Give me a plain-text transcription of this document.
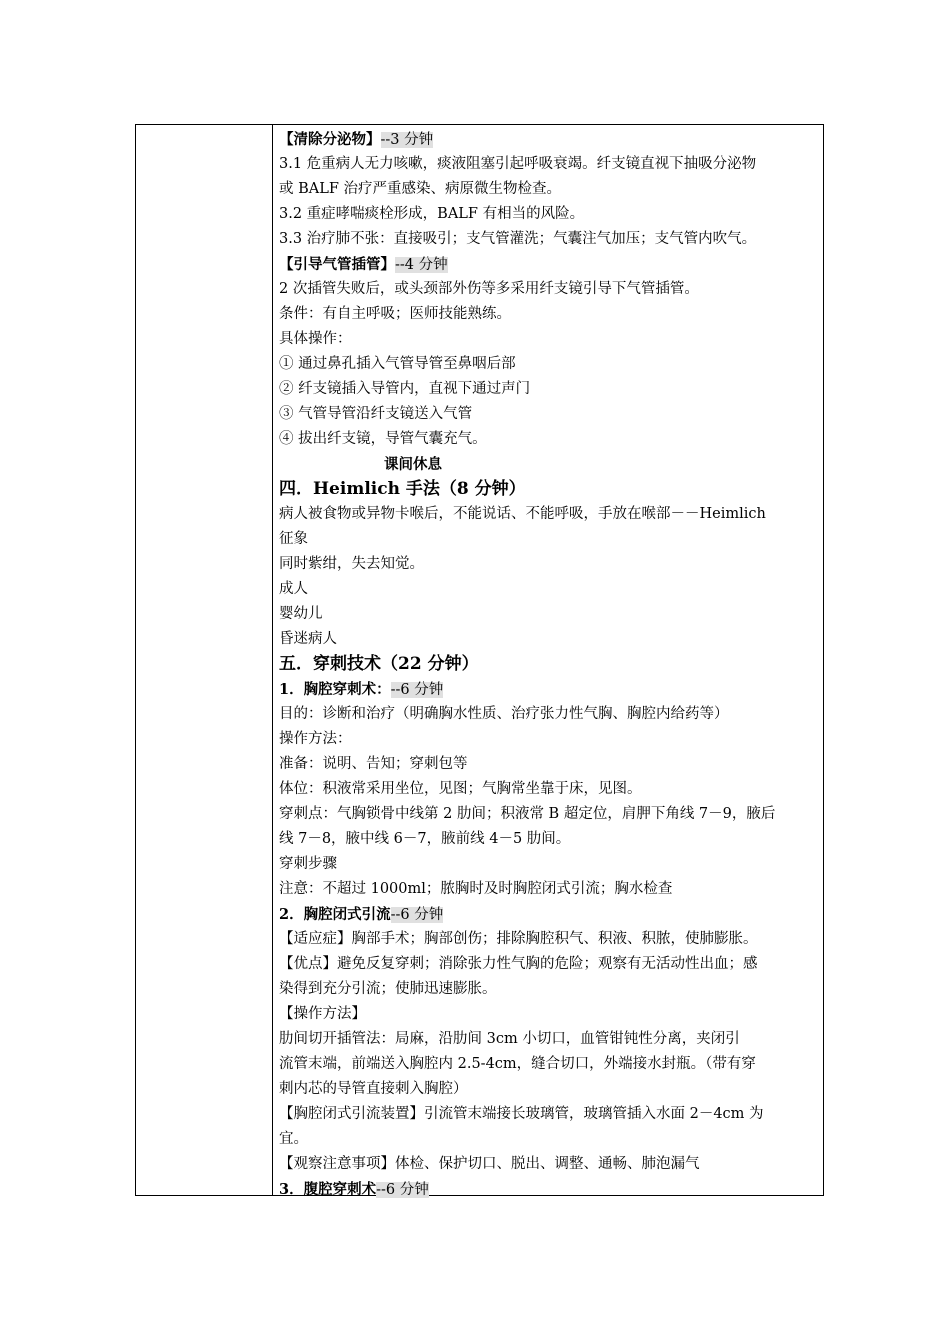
【清除分泌物】--3 分钟
3.1 危重病人无力咳嗽，痰液阻塞引起呼吸衰竭。纤支镜直视下抽吸分泌物
或 BALF 治疗严重感染、病原微生物检查。
3.2 重症哮喘痰栓形成，BALF 有相当的风险。
3.3 治疗肺不张：直接吸引；支气管灌洗；气囊注气加压；支气管内吹气。
【引导气管插管】--4 分钟
2 次插管失败后，或头颈部外伤等多采用纤支镜引导下气管插管。
条件：有自主呼吸；医师技能熟练。
具体操作：
① 通过鼻孔插入气管导管至鼻咽后部
② 纤支镜插入导管内，直视下通过声门
③ 气管导管沿纤支镜送入气管
④ 拔出纤支镜，导管气囊充气。
课间休息
四．Heimlich 手法（8 分钟）
病人被食物或异物卡喉后，不能说话、不能呼吸，手放在喉部－－Heimlich
征象
同时紫绀，失去知觉。
成人
婴幼儿
昏迷病人
五．穿刺技术（22 分钟）
1．胸腔穿刺术：--6 分钟
目的：诊断和治疗（明确胸水性质、治疗张力性气胸、胸腔内给药等）
操作方法：
准备：说明、告知；穿刺包等
体位：积液常采用坐位，见图；气胸常坐靠于床，见图。
穿刺点：气胸锁骨中线第 2 肋间；积液常 B 超定位，肩胛下角线 7－9，腋后
线 7－8，腋中线 6－7，腋前线 4－5 肋间。
穿刺步骤
注意：不超过 1000ml；脓胸时及时胸腔闭式引流；胸水检查
2．胸腔闭式引流--6 分钟
【适应症】胸部手术；胸部创伤；排除胸腔积气、积液、积脓，使肺膨胀。
【优点】避免反复穿刺；消除张力性气胸的危险；观察有无活动性出血；感
染得到充分引流；使肺迅速膨胀。
【操作方法】
肋间切开插管法：局麻，沿肋间 3cm 小切口，血管钳钝性分离，夹闭引
流管末端，前端送入胸腔内 2.5-4cm，缝合切口，外端接水封瓶。（带有穿
刺内芯的导管直接刺入胸腔）
【胸腔闭式引流装置】引流管末端接长玻璃管，玻璃管插入水面 2－4cm 为
宜。
【观察注意事项】体检、保护切口、脱出、调整、通畅、肺泡漏气
3．腹腔穿刺术--6 分钟
